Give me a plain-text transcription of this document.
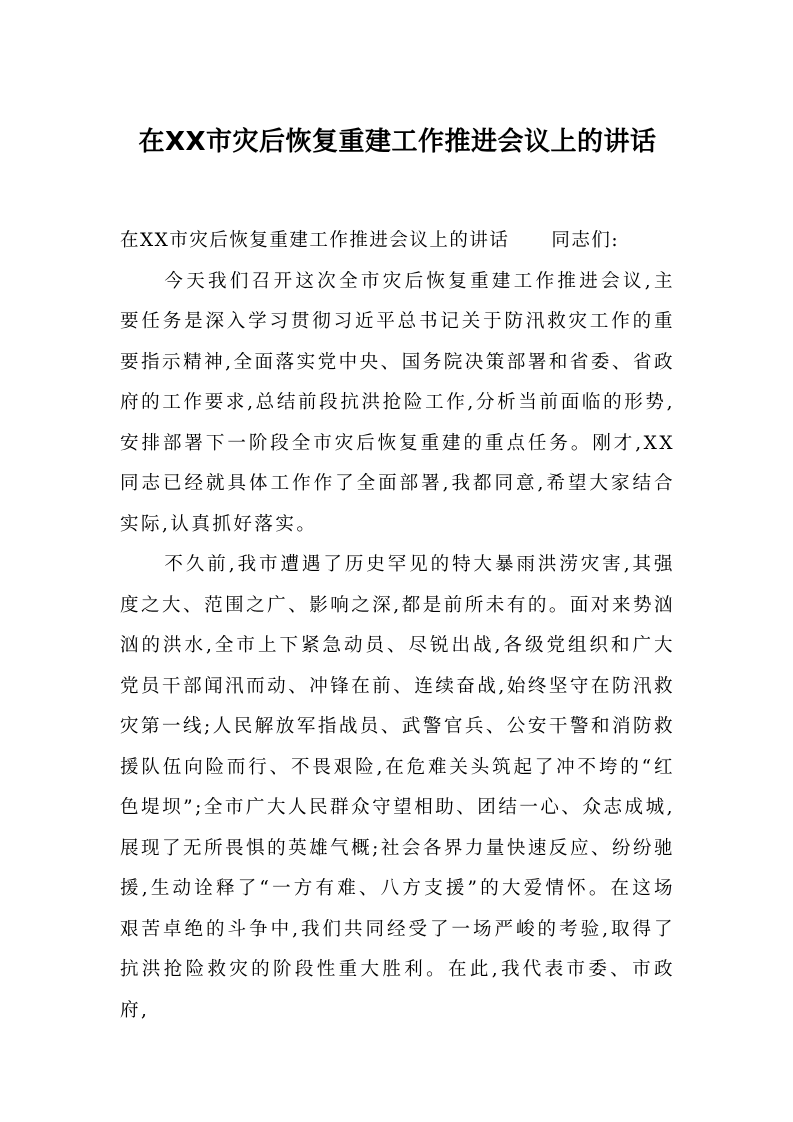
在XX市灾后恢复重建工作推进会议上的讲话

在XX市灾后恢复重建工作推进会议上的讲话 同志们:

今天我们召开这次全市灾后恢复重建工作推进会议,主要任务是深入学习贯彻习近平总书记关于防汛救灾工作的重要指示精神,全面落实党中央、国务院决策部署和省委、省政府的工作要求,总结前段抗洪抢险工作,分析当前面临的形势,安排部署下一阶段全市灾后恢复重建的重点任务。刚才,XX同志已经就具体工作作了全面部署,我都同意,希望大家结合实际,认真抓好落实。

不久前,我市遭遇了历史罕见的特大暴雨洪涝灾害,其强度之大、范围之广、影响之深,都是前所未有的。面对来势汹汹的洪水,全市上下紧急动员、尽锐出战,各级党组织和广大党员干部闻汛而动、冲锋在前、连续奋战,始终坚守在防汛救灾第一线;人民解放军指战员、武警官兵、公安干警和消防救援队伍向险而行、不畏艰险,在危难关头筑起了冲不垮的“红色堤坝”;全市广大人民群众守望相助、团结一心、众志成城,展现了无所畏惧的英雄气概;社会各界力量快速反应、纷纷驰援,生动诠释了“一方有难、八方支援”的大爱情怀。在这场艰苦卓绝的斗争中,我们共同经受了一场严峻的考验,取得了抗洪抢险救灾的阶段性重大胜利。在此,我代表市委、市政府,
